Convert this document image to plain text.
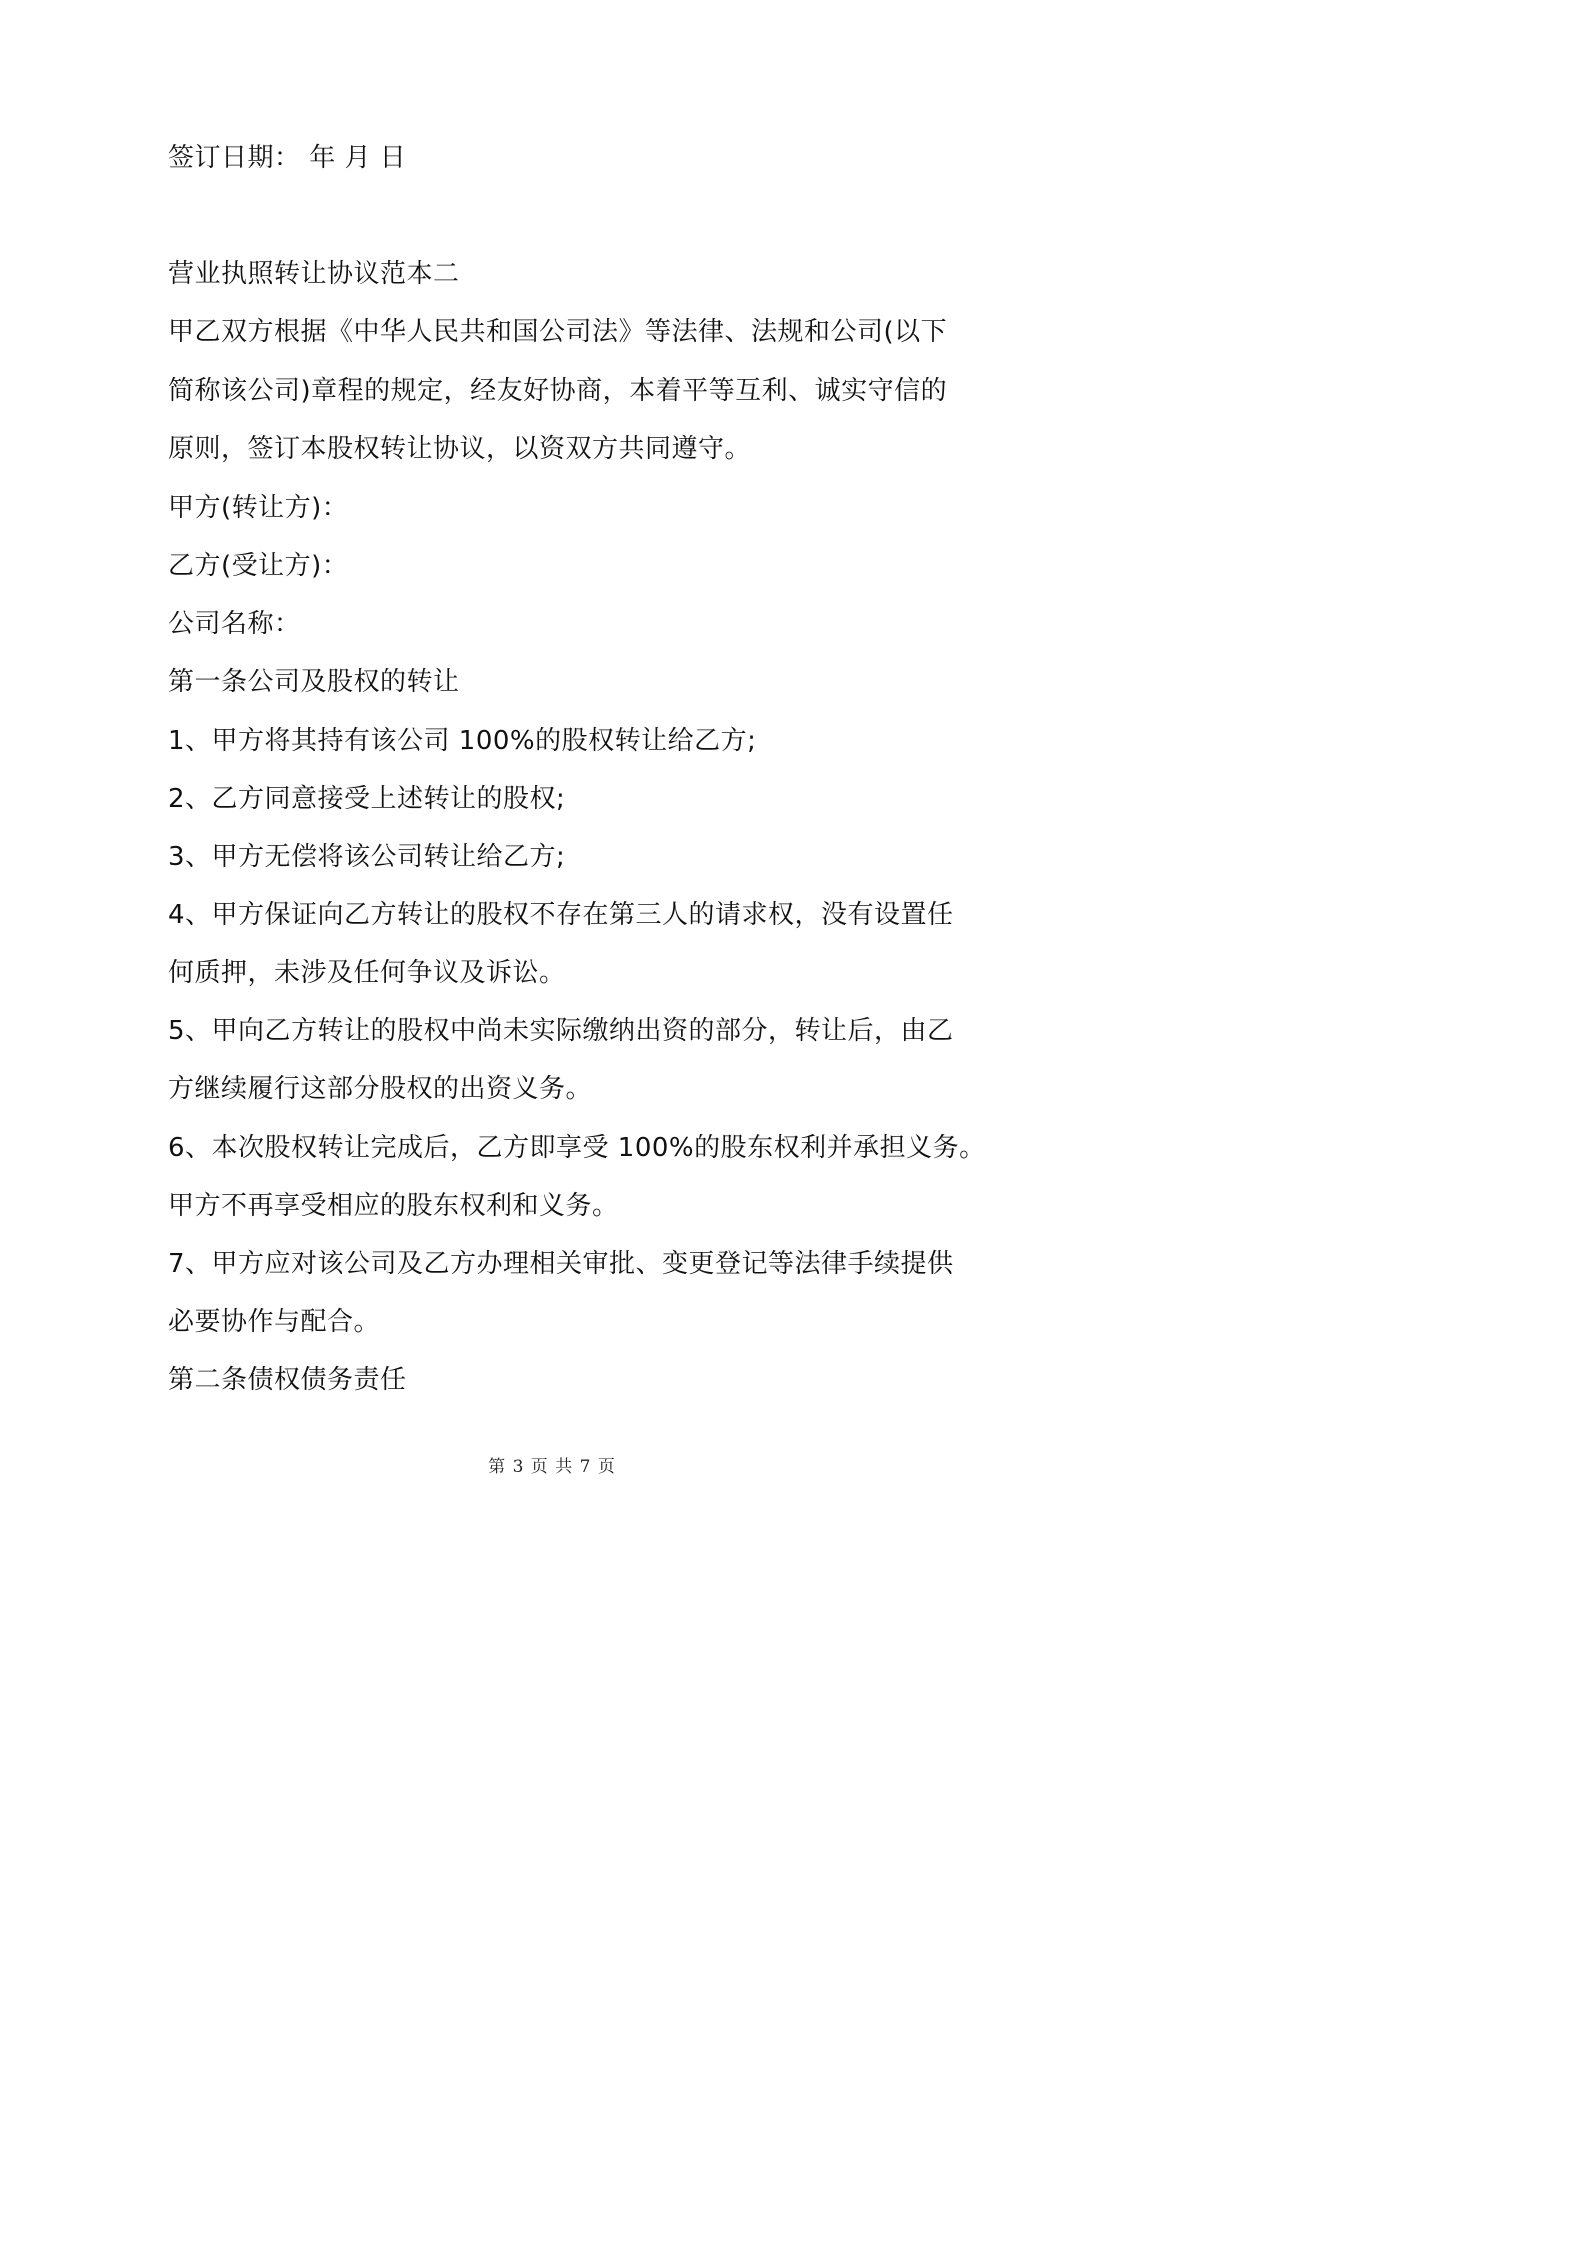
签订日期： 年 月 日
营业执照转让协议范本二
甲乙双方根据《中华人民共和国公司法》等法律、法规和公司(以下
简称该公司)章程的规定，经友好协商，本着平等互利、诚实守信的
原则，签订本股权转让协议，以资双方共同遵守。
甲方(转让方)：
乙方(受让方)：
公司名称：
第一条公司及股权的转让
1、甲方将其持有该公司 100%的股权转让给乙方;
2、乙方同意接受上述转让的股权;
3、甲方无偿将该公司转让给乙方;
4、甲方保证向乙方转让的股权不存在第三人的请求权，没有设置任
何质押，未涉及任何争议及诉讼。
5、甲向乙方转让的股权中尚未实际缴纳出资的部分，转让后，由乙
方继续履行这部分股权的出资义务。
6、本次股权转让完成后，乙方即享受 100%的股东权利并承担义务。
甲方不再享受相应的股东权利和义务。
7、甲方应对该公司及乙方办理相关审批、变更登记等法律手续提供
必要协作与配合。
第二条债权债务责任
第 3 页 共 7 页
